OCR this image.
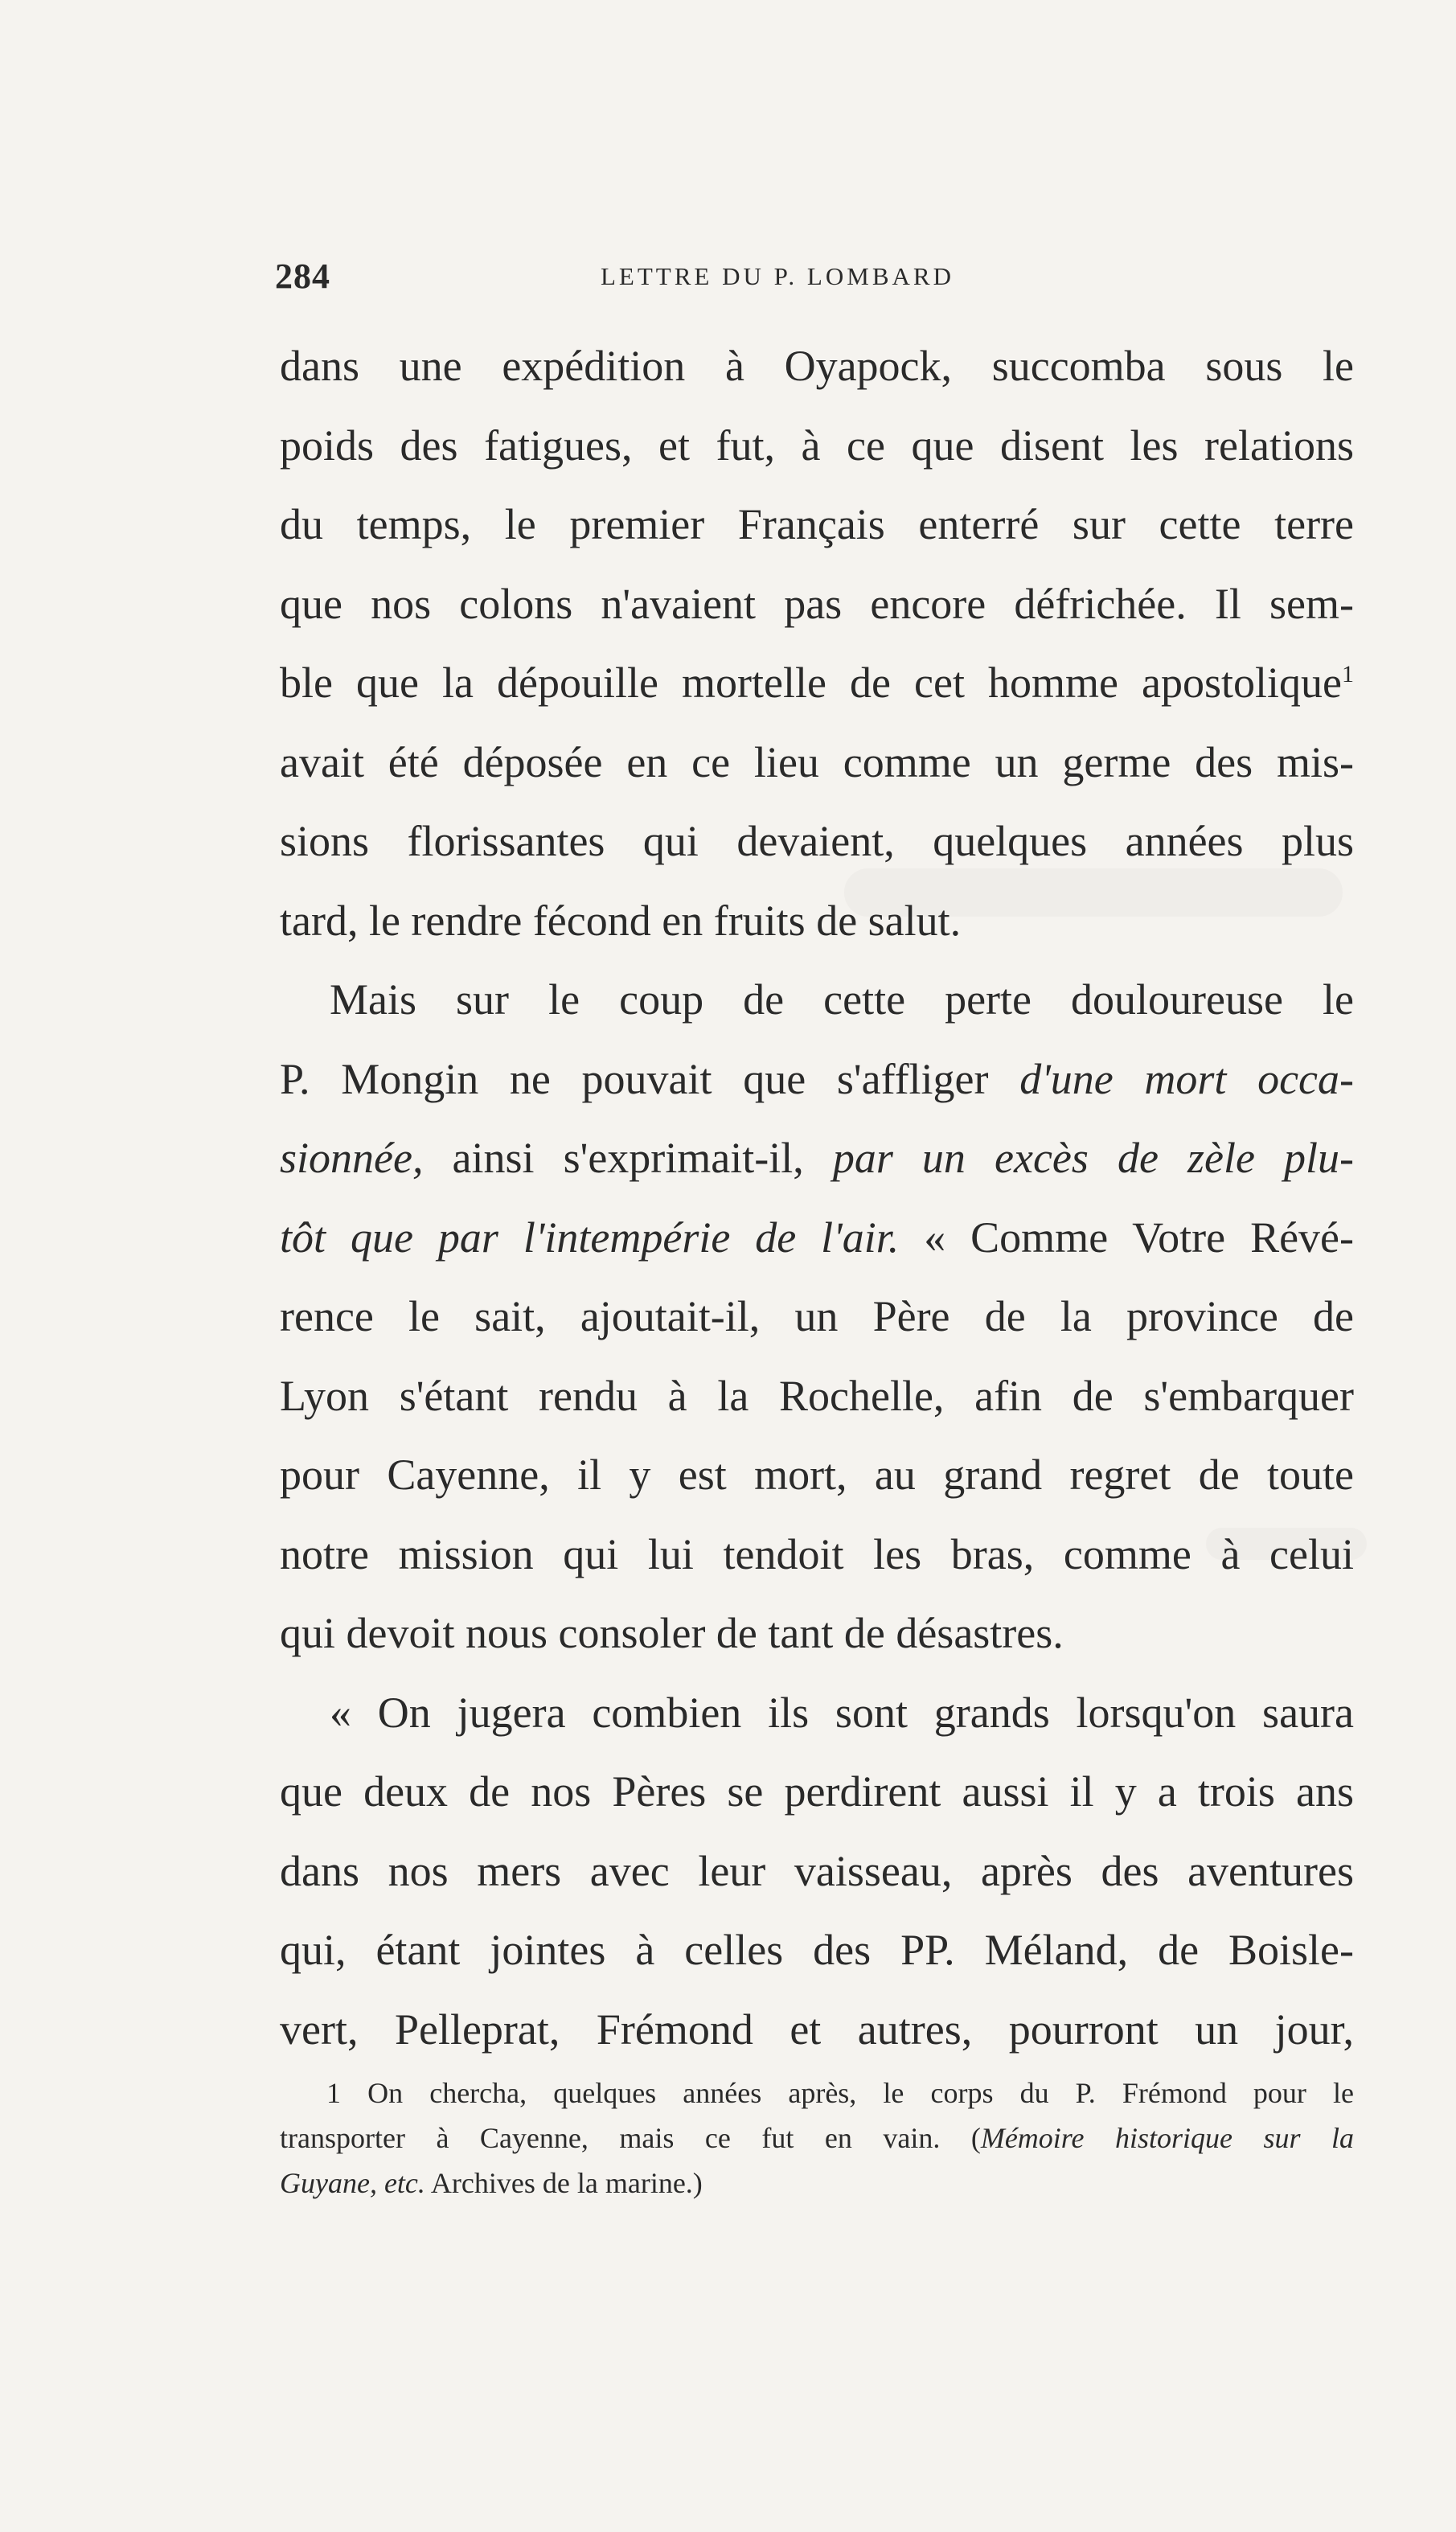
284	LETTRE DU P. LOMBARD
dans une expédition à Oyapock, succomba sous le
poids des fatigues, et fut, à ce que disent les relations
du temps, le premier Français enterré sur cette terre
que nos colons n'avaient pas encore défrichée. Il sem-
ble que la dépouille mortelle de cet homme apostolique$^1$
avait été déposée en ce lieu comme un germe des mis-
sions florissantes qui devaient, quelques années plus
tard, le rendre fécond en fruits de salut.
Mais sur le coup de cette perte douloureuse le
P. Mongin ne pouvait que s'affliger d'une mort occa-
sionnée, ainsi s'exprimait-il, par un excès de zèle plu-
tôt que par l'intempérie de l'air. « Comme Votre Révé-
rence le sait, ajoutait-il, un Père de la province de
Lyon s'étant rendu à la Rochelle, afin de s'embarquer
pour Cayenne, il y est mort, au grand regret de toute
notre mission qui lui tendoit les bras, comme à celui
qui devoit nous consoler de tant de désastres.
« On jugera combien ils sont grands lorsqu'on saura
que deux de nos Pères se perdirent aussi il y a trois ans
dans nos mers avec leur vaisseau, après des aventures
qui, étant jointes à celles des PP. Méland, de Boisle-
vert, Pelleprat, Frémond et autres, pourront un jour,
1 On chercha, quelques années après, le corps du P. Frémond pour le
transporter à Cayenne, mais ce fut en vain. (Mémoire historique sur la
Guyane, etc. Archives de la marine.)
